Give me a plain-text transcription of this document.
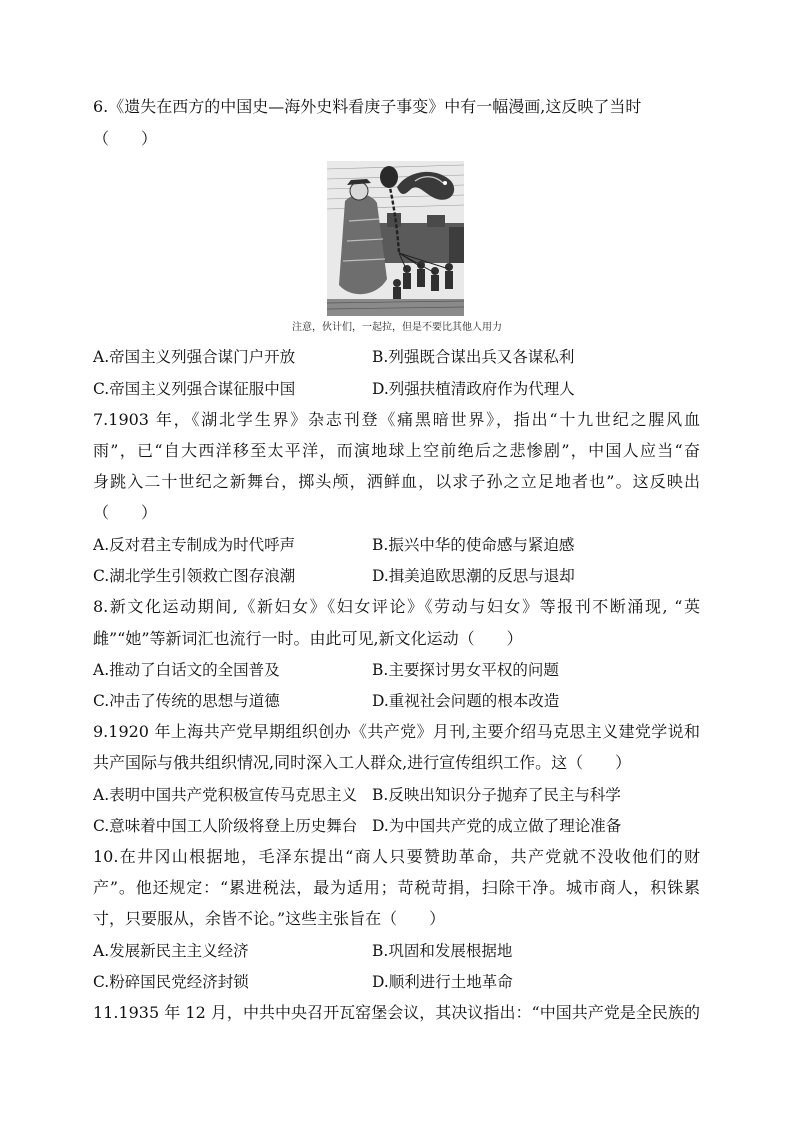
6.《遗失在西方的中国史—海外史料看庚子事变》中有一幅漫画,这反映了当时
（　　）
注意，伙计们，一起拉，但是不要比其他人用力
A.帝国主义列强合谋门户开放	B.列强既合谋出兵又各谋私利
C.帝国主义列强合谋征服中国	D.列强扶植清政府作为代理人
7.1903 年，《湖北学生界》杂志刊登《痛黑暗世界》，指出“十九世纪之腥风血
雨”，已“自大西洋移至太平洋，而演地球上空前绝后之悲惨剧”，中国人应当“奋
身跳入二十世纪之新舞台，掷头颅，洒鲜血，以求子孙之立足地者也”。这反映出
（　　）
A.反对君主专制成为时代呼声	B.振兴中华的使命感与紧迫感
C.湖北学生引领救亡图存浪潮	D.揖美追欧思潮的反思与退却
8.新文化运动期间,《新妇女》《妇女评论》《劳动与妇女》等报刊不断涌现, “英
雌”“她”等新词汇也流行一时。由此可见,新文化运动（　　）
A.推动了白话文的全国普及	B.主要探讨男女平权的问题
C.冲击了传统的思想与道德	D.重视社会问题的根本改造
9.1920 年上海共产党早期组织创办《共产党》月刊,主要介绍马克思主义建党学说和
共产国际与俄共组织情况,同时深入工人群众,进行宣传组织工作。这（　　）
A.表明中国共产党积极宣传马克思主义 B.反映出知识分子抛弃了民主与科学
C.意味着中国工人阶级将登上历史舞台 D.为中国共产党的成立做了理论准备
10.在井冈山根据地，毛泽东提出“商人只要赞助革命，共产党就不没收他们的财
产”。他还规定：“累进税法，最为适用；苛税苛捐，扫除干净。城市商人，积铢累
寸，只要服从，余皆不论。”这些主张旨在（　　）
A.发展新民主主义经济	B.巩固和发展根据地
C.粉碎国民党经济封锁	D.顺利进行土地革命
11.1935 年 12 月，中共中央召开瓦窑堡会议，其决议指出：“中国共产党是全民族的
